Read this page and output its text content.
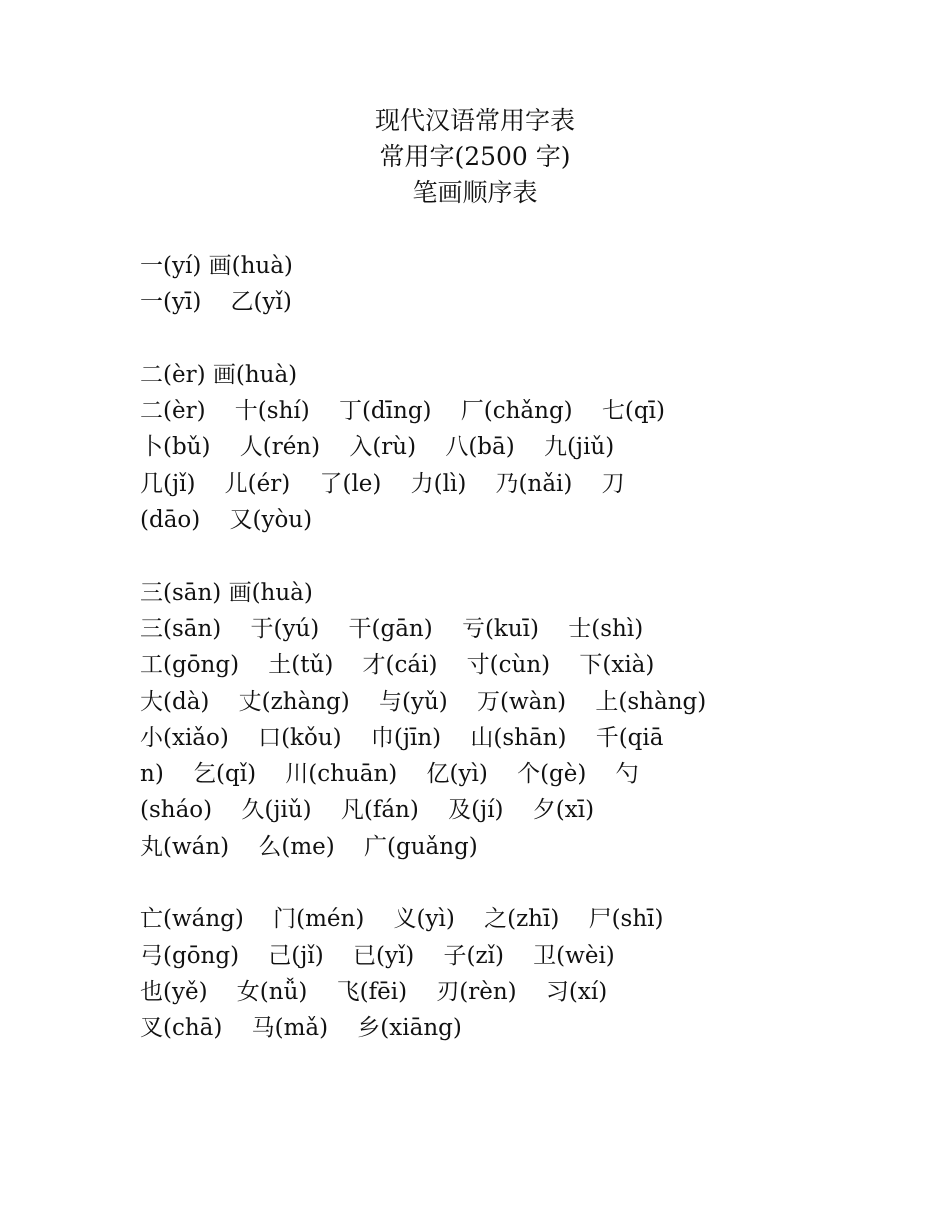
现代汉语常用字表
常用字(2500 字)
笔画顺序表
一(yí) 画(huà)
一(yī)    乙(yǐ)
二(èr) 画(huà)
二(èr)    十(shí)    丁(dīng)    厂(chǎng)    七(qī)
卜(bǔ)    人(rén)    入(rù)    八(bā)    九(jiǔ)
几(jǐ)    儿(ér)    了(le)    力(lì)    乃(nǎi)    刀
(dāo)    又(yòu)
三(sān) 画(huà)
三(sān)    于(yú)    干(gān)    亏(kuī)    士(shì)
工(gōng)    土(tǔ)    才(cái)    寸(cùn)    下(xià)
大(dà)    丈(zhàng)    与(yǔ)    万(wàn)    上(shàng)
小(xiǎo)    口(kǒu)    巾(jīn)    山(shān)    千(qiā
n)    乞(qǐ)    川(chuān)    亿(yì)    个(gè)    勺
(sháo)    久(jiǔ)    凡(fán)    及(jí)    夕(xī)
丸(wán)    么(me)    广(guǎng)
亡(wáng)    门(mén)    义(yì)    之(zhī)    尸(shī)
弓(gōng)    己(jǐ)    已(yǐ)    子(zǐ)    卫(wèi)
也(yě)    女(nǚ)    飞(fēi)    刃(rèn)    习(xí)
叉(chā)    马(mǎ)    乡(xiāng)
